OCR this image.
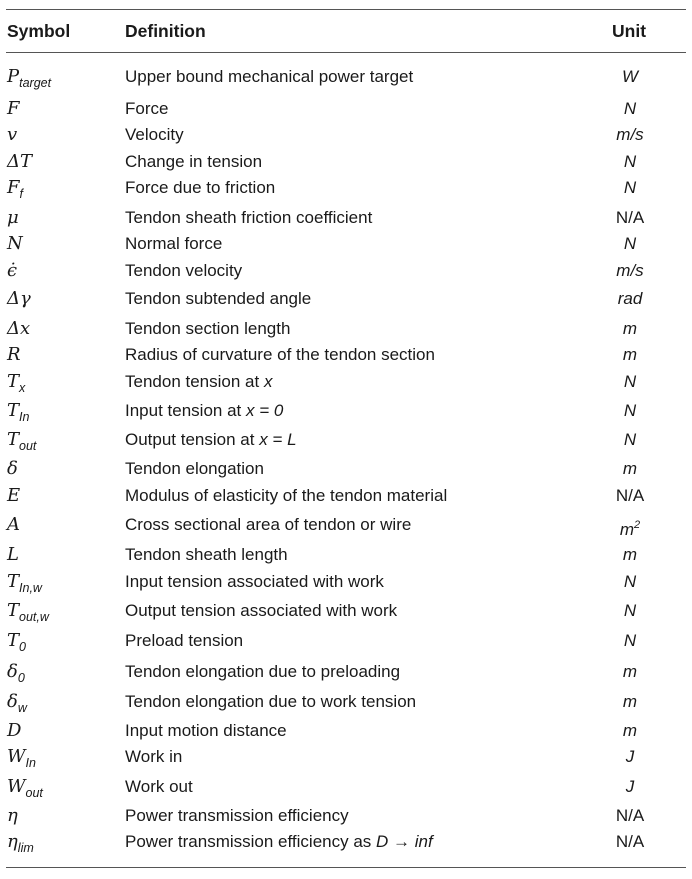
Symbol	Definition	Unit
$P_{target}$	Upper bound mechanical power target	W
F	Force	N
v	Velocity	m/s
ΔT	Change in tension	N
$F_f$	Force due to friction	N
μ	Tendon sheath friction coefficient	N/A
N	Normal force	N
ϵ̇	Tendon velocity	m/s
Δγ	Tendon subtended angle	rad
Δx	Tendon section length	m
R	Radius of curvature of the tendon section	m
$T_x$	Tendon tension at x	N
$T_{In}$	Input tension at x = 0	N
$T_{out}$	Output tension at x = L	N
δ	Tendon elongation	m
E	Modulus of elasticity of the tendon material	N/A
A	Cross sectional area of tendon or wire	$m^2$
L	Tendon sheath length	m
$T_{In,w}$	Input tension associated with work	N
$T_{out,w}$	Output tension associated with work	N
$T_0$	Preload tension	N
$\delta_0$	Tendon elongation due to preloading	m
$\delta_w$	Tendon elongation due to work tension	m
D	Input motion distance	m
$W_{In}$	Work in	J
$W_{out}$	Work out	J
η	Power transmission efficiency	N/A
$\eta_{lim}$	Power transmission efficiency as D → inf	N/A
